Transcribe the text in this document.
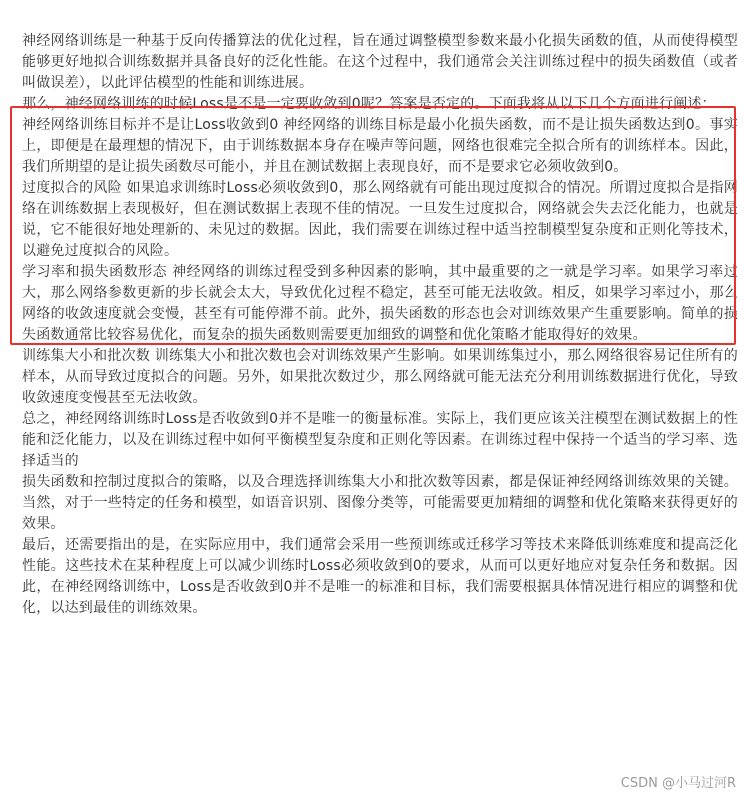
神经网络训练是一种基于反向传播算法的优化过程，旨在通过调整模型参数来最小化损失函数的值，从而使得模型能够更好地拟合训练数据并具备良好的泛化性能。在这个过程中，我们通常会关注训练过程中的损失函数值（或者叫做误差），以此评估模型的性能和训练进展。

那么，神经网络训练的时候Loss是不是一定要收敛到0呢？答案是否定的。下面我将从以下几个方面进行阐述：

神经网络训练目标并不是让Loss收敛到0 神经网络的训练目标是最小化损失函数，而不是让损失函数达到0。事实上，即便是在最理想的情况下，由于训练数据本身存在噪声等问题，网络也很难完全拟合所有的训练样本。因此，我们所期望的是让损失函数尽可能小，并且在测试数据上表现良好，而不是要求它必须收敛到0。

过度拟合的风险 如果追求训练时Loss必须收敛到0，那么网络就有可能出现过度拟合的情况。所谓过度拟合是指网络在训练数据上表现极好，但在测试数据上表现不佳的情况。一旦发生过度拟合，网络就会失去泛化能力，也就是说，它不能很好地处理新的、未见过的数据。因此，我们需要在训练过程中适当控制模型复杂度和正则化等技术，以避免过度拟合的风险。

学习率和损失函数形态 神经网络的训练过程受到多种因素的影响，其中最重要的之一就是学习率。如果学习率过大，那么网络参数更新的步长就会太大，导致优化过程不稳定，甚至可能无法收敛。相反，如果学习率过小，那么网络的收敛速度就会变慢，甚至有可能停滞不前。此外，损失函数的形态也会对训练效果产生重要影响。简单的损失函数通常比较容易优化，而复杂的损失函数则需要更加细致的调整和优化策略才能取得好的效果。

训练集大小和批次数 训练集大小和批次数也会对训练效果产生影响。如果训练集过小，那么网络很容易记住所有的样本，从而导致过度拟合的问题。另外，如果批次数过少，那么网络就可能无法充分利用训练数据进行优化，导致收敛速度变慢甚至无法收敛。

总之，神经网络训练时Loss是否收敛到0并不是唯一的衡量标准。实际上，我们更应该关注模型在测试数据上的性能和泛化能力，以及在训练过程中如何平衡模型复杂度和正则化等因素。在训练过程中保持一个适当的学习率、选择适当的

损失函数和控制过度拟合的策略，以及合理选择训练集大小和批次数等因素，都是保证神经网络训练效果的关键。当然，对于一些特定的任务和模型，如语音识别、图像分类等，可能需要更加精细的调整和优化策略来获得更好的效果。

最后，还需要指出的是，在实际应用中，我们通常会采用一些预训练或迁移学习等技术来降低训练难度和提高泛化性能。这些技术在某种程度上可以减少训练时Loss必须收敛到0的要求，从而可以更好地应对复杂任务和数据。因此，在神经网络训练中，Loss是否收敛到0并不是唯一的标准和目标，我们需要根据具体情况进行相应的调整和优化，以达到最佳的训练效果。

CSDN @小马过河R
